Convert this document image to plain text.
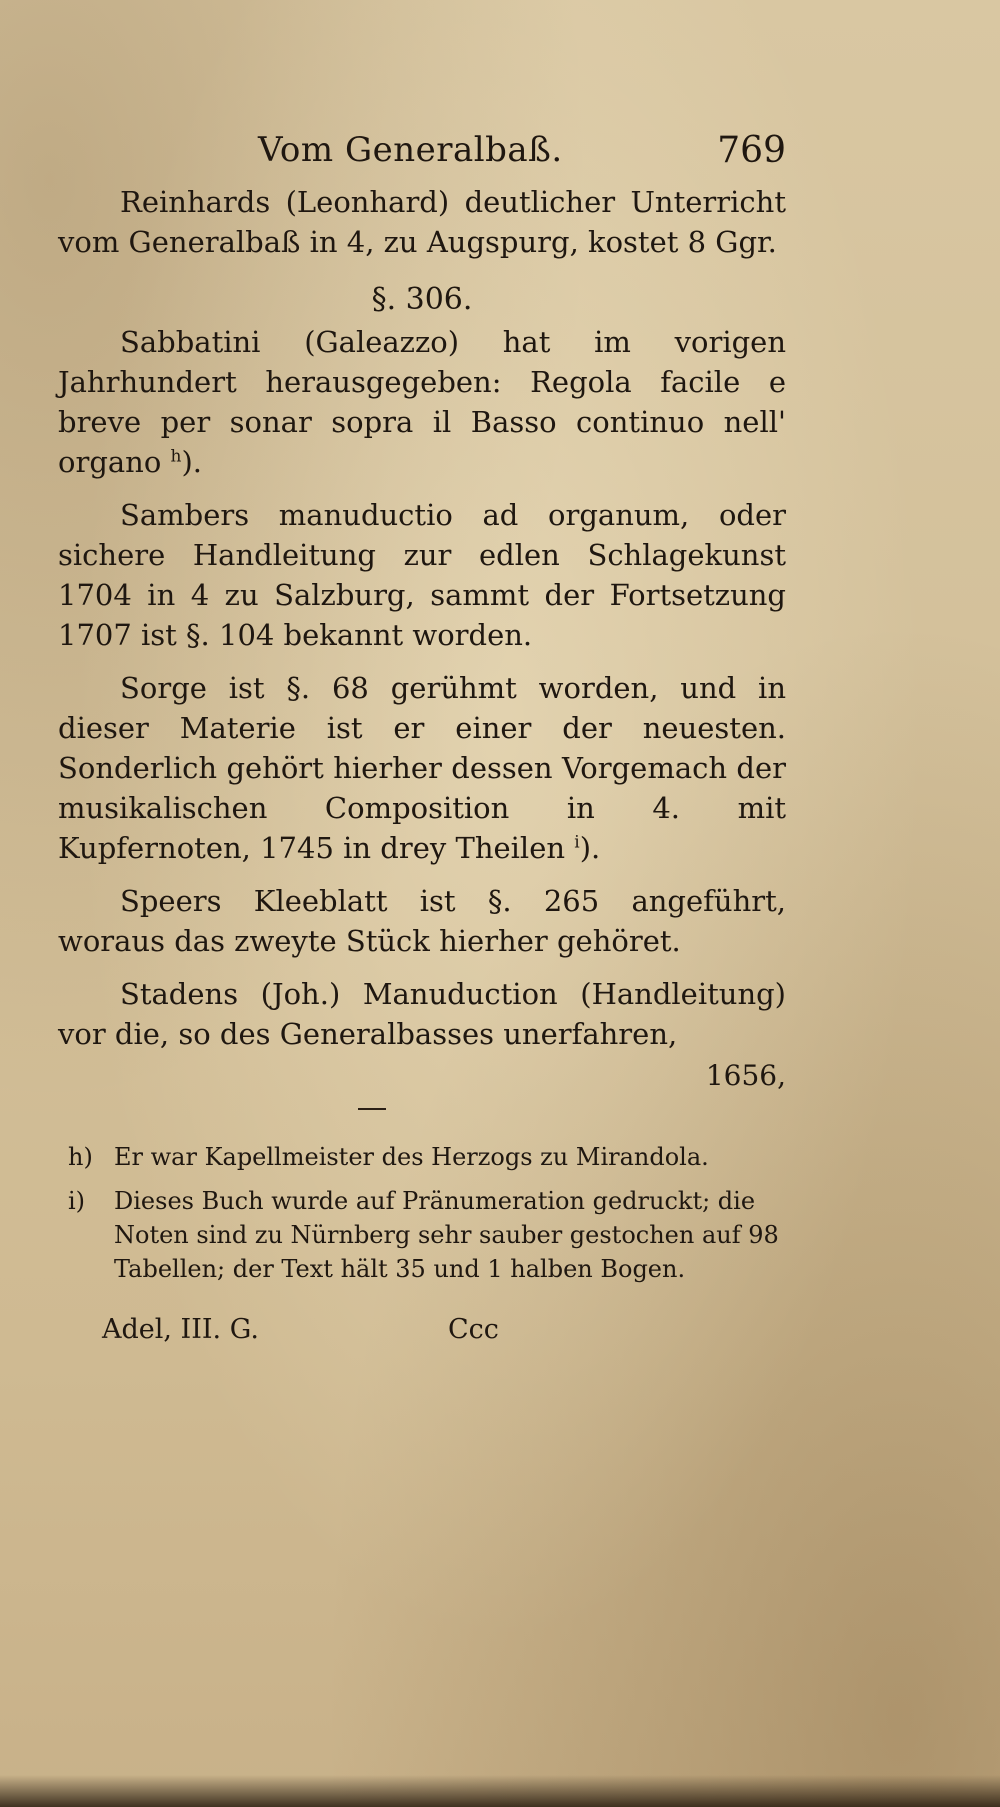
Vom Generalbaß.	769

Reinhards (Leonhard) deutlicher Unterricht vom Generalbaß in 4, zu Augspurg, kostet 8 Ggr.

§. 306.

Sabbatini (Galeazzo) hat im vorigen Jahrhundert herausgegeben: Regola facile e breve per sonar sopra il Basso continuo nell' organo $^h$).

Sambers manuductio ad organum, oder sichere Handleitung zur edlen Schlagekunst 1704 in 4 zu Salzburg, sammt der Fortsetzung 1707 ist §. 104 bekannt worden.

Sorge ist §. 68 gerühmt worden, und in dieser Materie ist er einer der neuesten. Sonderlich gehört hierher dessen Vorgemach der musikalischen Composition in 4. mit Kupfernoten, 1745 in drey Theilen $^i$).

Speers Kleeblatt ist §. 265 angeführt, woraus das zweyte Stück hierher gehöret.

Stadens (Joh.) Manuduction (Handleitung) vor die, so des Generalbasses unerfahren,

1656,

h) Er war Kapellmeister des Herzogs zu Mirandola.
i)	Dieses Buch wurde auf Pränumeration gedruckt; die Noten sind zu Nürnberg sehr sauber gestochen auf 98 Tabellen; der Text hält 35 und 1 halben Bogen.
Adel, III. G.	Ccc
